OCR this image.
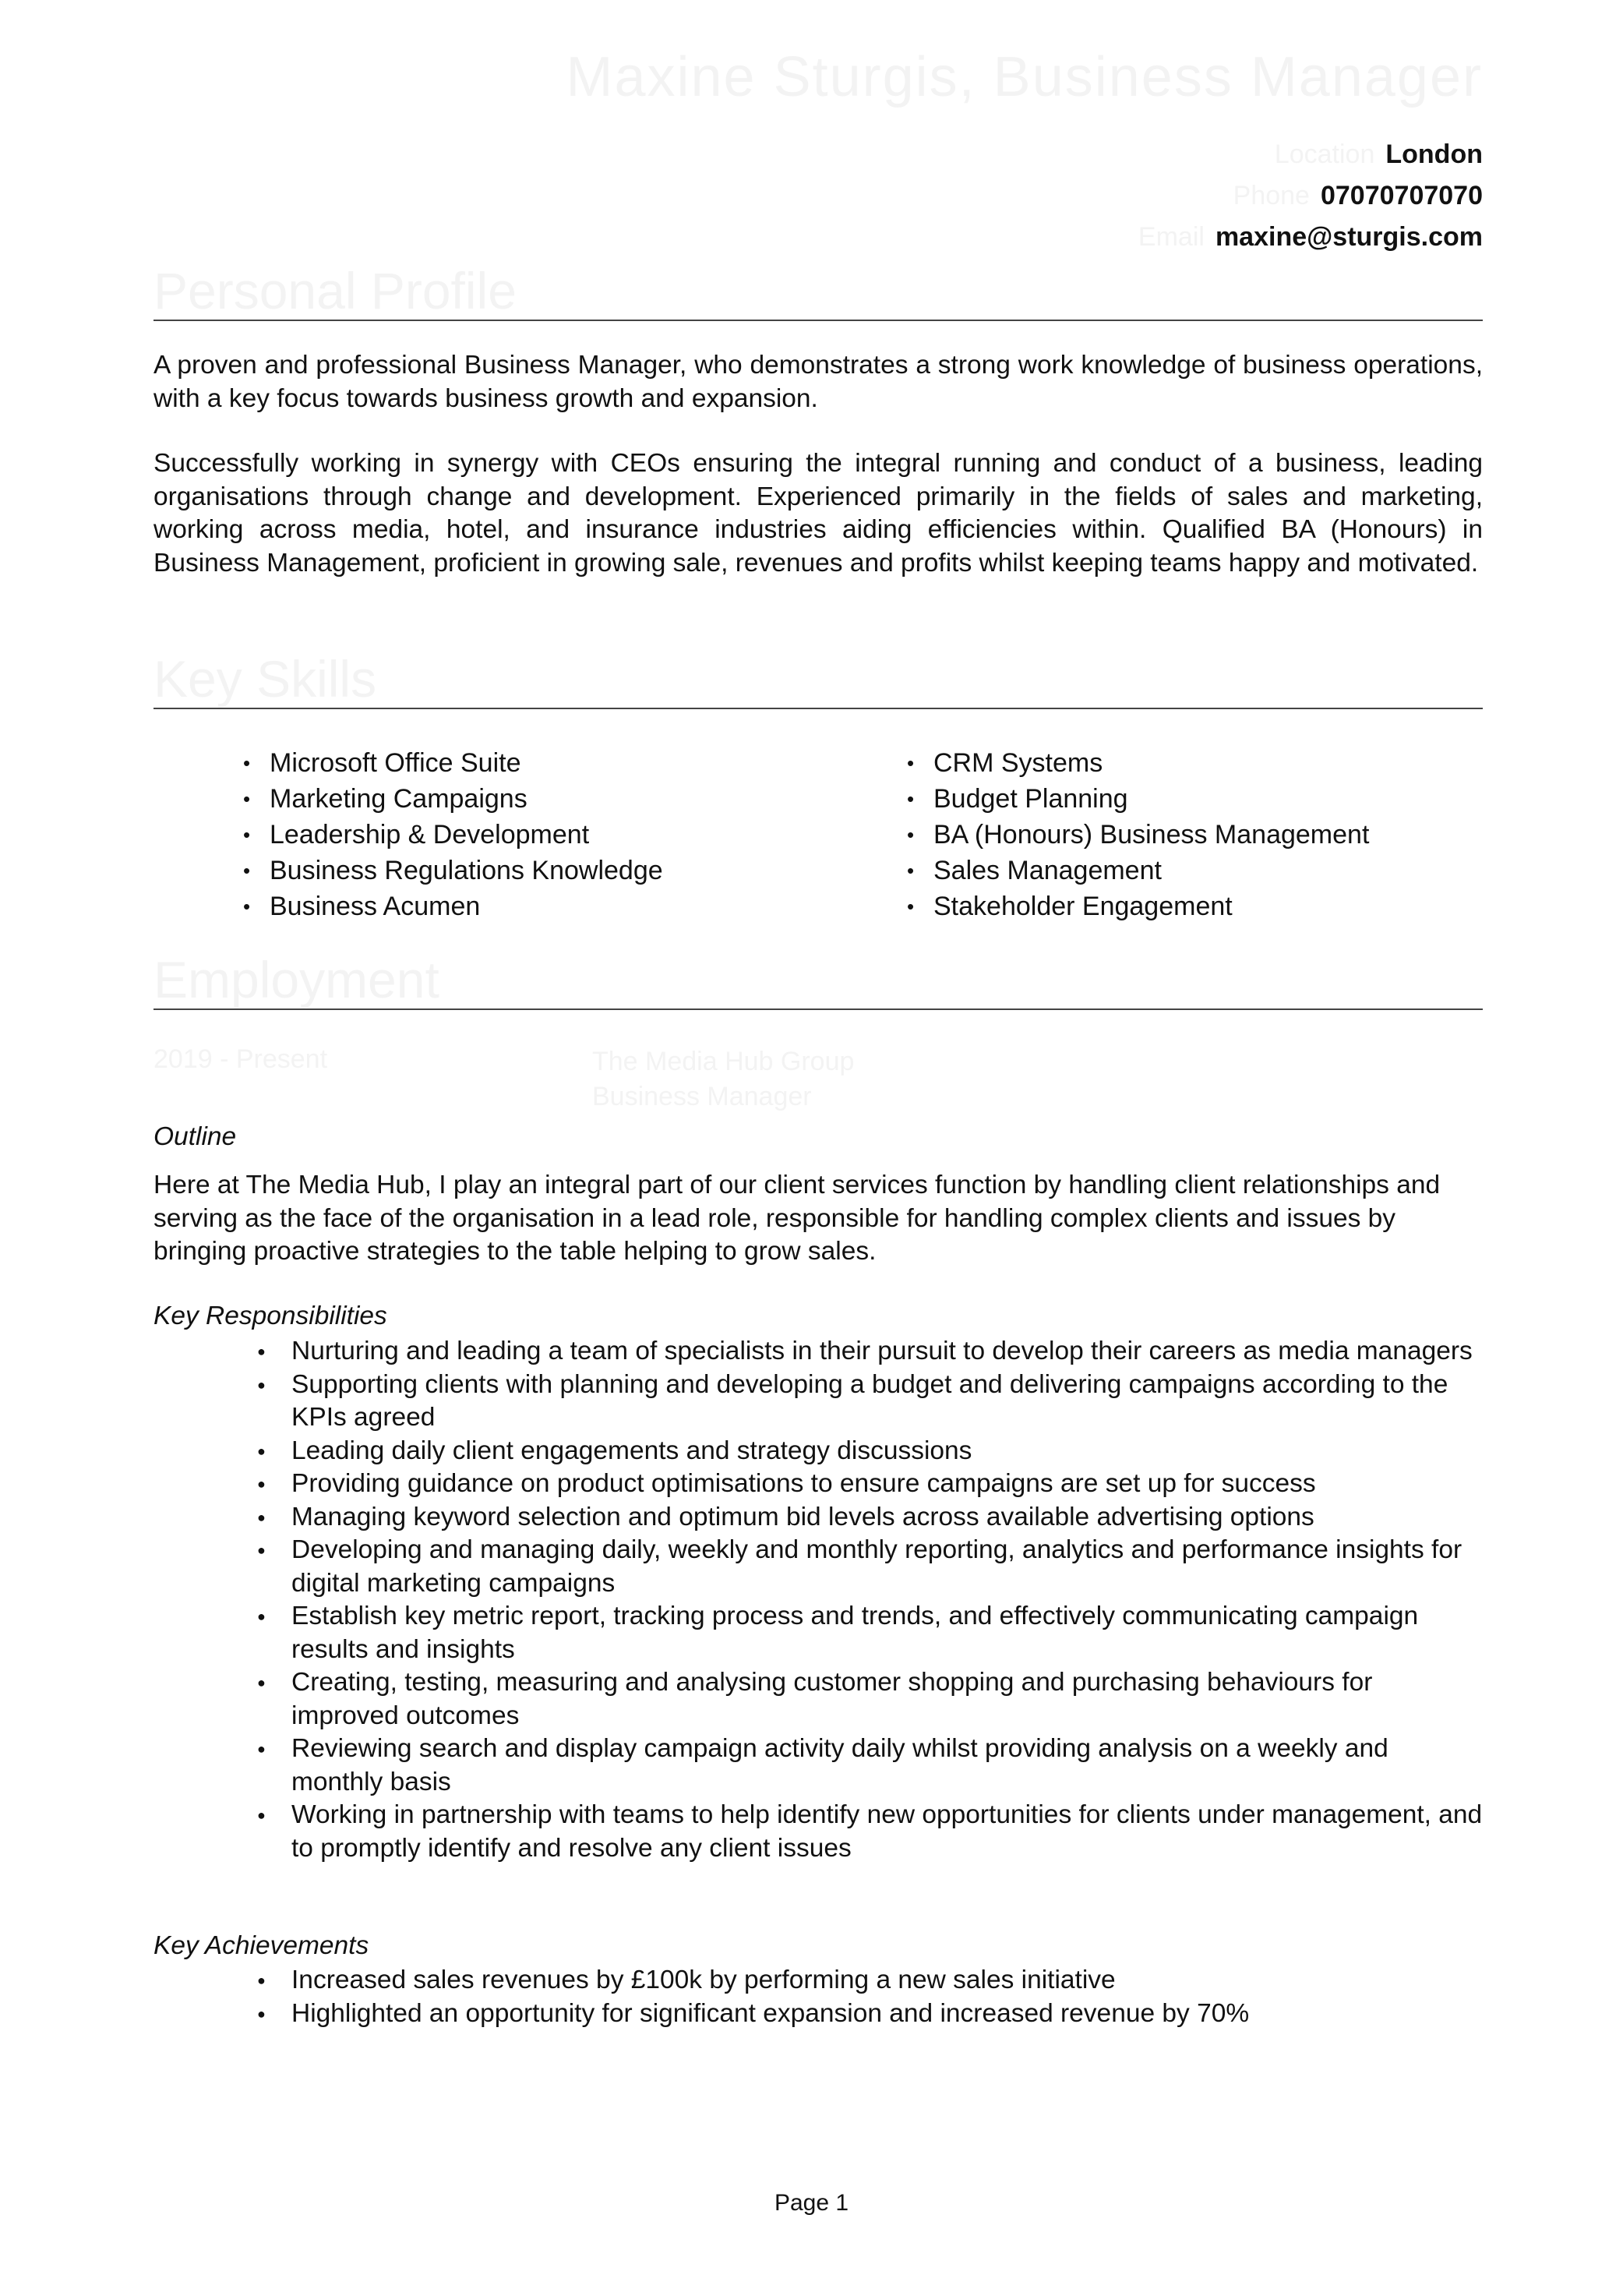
Maxine Sturgis, Business Manager
Location London
Phone 07070707070
Email maxine@sturgis.com
Personal Profile

A proven and professional Business Manager, who demonstrates a strong work knowledge of business operations, with a key focus towards business growth and expansion.

Successfully working in synergy with CEOs ensuring the integral running and conduct of a business, leading organisations through change and development. Experienced primarily in the fields of sales and marketing, working across media, hotel, and insurance industries aiding efficiencies within. Qualified BA (Honours) in Business Management, proficient in growing sale, revenues and profits whilst keeping teams happy and motivated.

Key Skills
• Microsoft Office Suite
• Marketing Campaigns
• Leadership & Development
• Business Regulations Knowledge
• Business Acumen
• CRM Systems
• Budget Planning
• BA (Honours) Business Management
• Sales Management
• Stakeholder Engagement
Employment
2019 - Present	The Media Hub Group
Business Manager
Outline

Here at The Media Hub, I play an integral part of our client services function by handling client relationships and serving as the face of the organisation in a lead role, responsible for handling complex clients and issues by bringing proactive strategies to the table helping to grow sales.

Key Responsibilities
● Nurturing and leading a team of specialists in their pursuit to develop their careers as media managers
● Supporting clients with planning and developing a budget and delivering campaigns according to the KPIs agreed
● Leading daily client engagements and strategy discussions
● Providing guidance on product optimisations to ensure campaigns are set up for success
● Managing keyword selection and optimum bid levels across available advertising options
● Developing and managing daily, weekly and monthly reporting, analytics and performance insights for digital marketing campaigns
● Establish key metric report, tracking process and trends, and effectively communicating campaign results and insights
● Creating, testing, measuring and analysing customer shopping and purchasing behaviours for improved outcomes
● Reviewing search and display campaign activity daily whilst providing analysis on a weekly and monthly basis
● Working in partnership with teams to help identify new opportunities for clients under management, and to promptly identify and resolve any client issues
Key Achievements
● Increased sales revenues by £100k by performing a new sales initiative
● Highlighted an opportunity for significant expansion and increased revenue by 70%
Page 1
